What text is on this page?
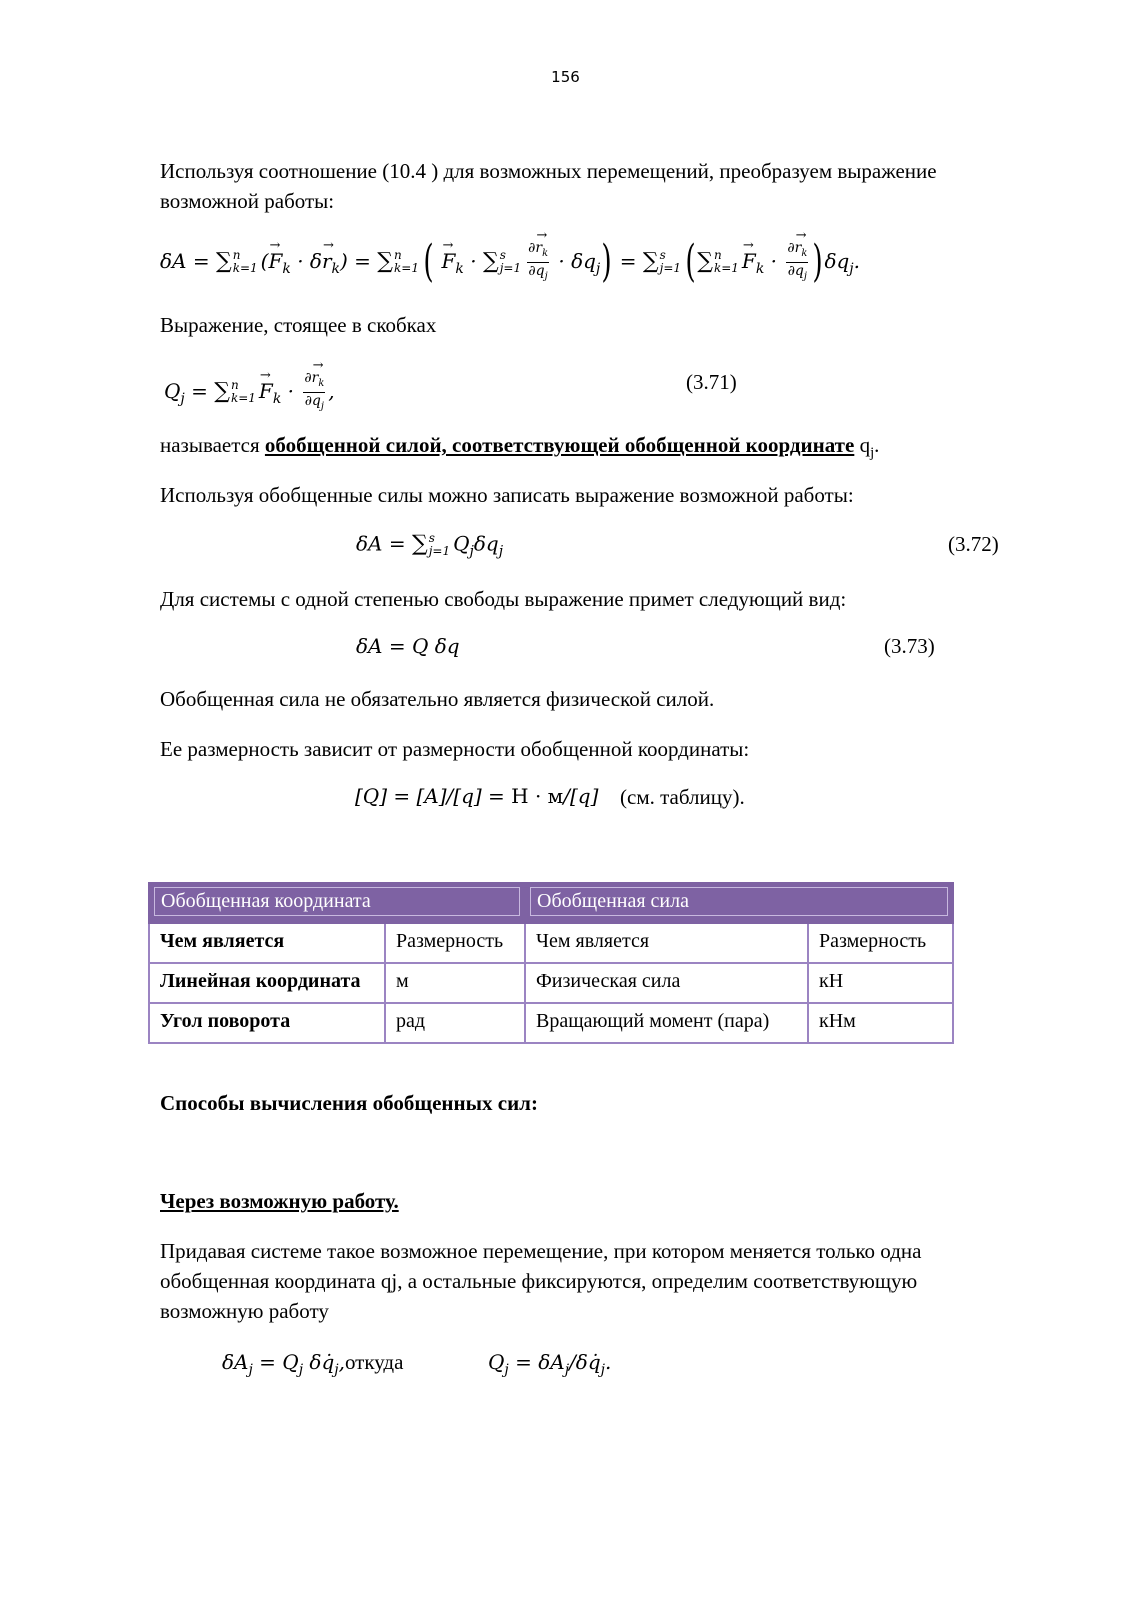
156

Используя соотношение (10.4 ) для возможных перемещений, преобразуем выражение возможной работы:

δA = ∑n
k=1 (→ $F_k \cdot \delta\to r_k) = \sum n$
k=1 ( → $F_k \cdot \sum s$
$j=1 \frac{\partial\to r_k}{\partial q_j} \cdot \delta q_j) = \sum s$
j=1 (∑n
$k=1 \to F_k \cdot \frac{\partial\to r_k}{\partial q_j} )\delta q_j$.

Выражение, стоящее в скобках

$Q_j = \sum n$
$k=1 \to F_k \cdot \frac{\partial\to r_k}{\partial q_j}$ ,	(3.71)

называется обобщенной силой, соответствующей обобщенной координате $q_j$.

Используя обобщенные силы можно записать выражение возможной работы:

δA = ∑s
j=1 $Q_j\delta q_j$	(3.72)

Для системы с одной степенью свободы выражение примет следующий вид:

δA = Q δq	(3.73)

Обобщенная сила не обязательно является физической силой.

Ее размерность зависит от размерности обобщенной координаты:

[Q] = [A]/[q] = Н · м/[q] (см. таблицу).
Обобщенная координата		Обобщенная сила	

Чем является	Размерность	Чем является	Размерность
Линейная координата	м	Физическая сила	кН
Угол поворота	рад	Вращающий момент (пара)	кНм

Способы вычисления обобщенных сил:

Через возможную работу.

Придавая системе такое возможное перемещение, при котором меняется только одна обобщенная координата qj, а остальные фиксируются, определим соответствующую возможную работу

$\delta A_j = Q_j$ $\delta q̇_j,откуда$	$Q_j$ = $\delta A_j/\delta q̇_j$.
